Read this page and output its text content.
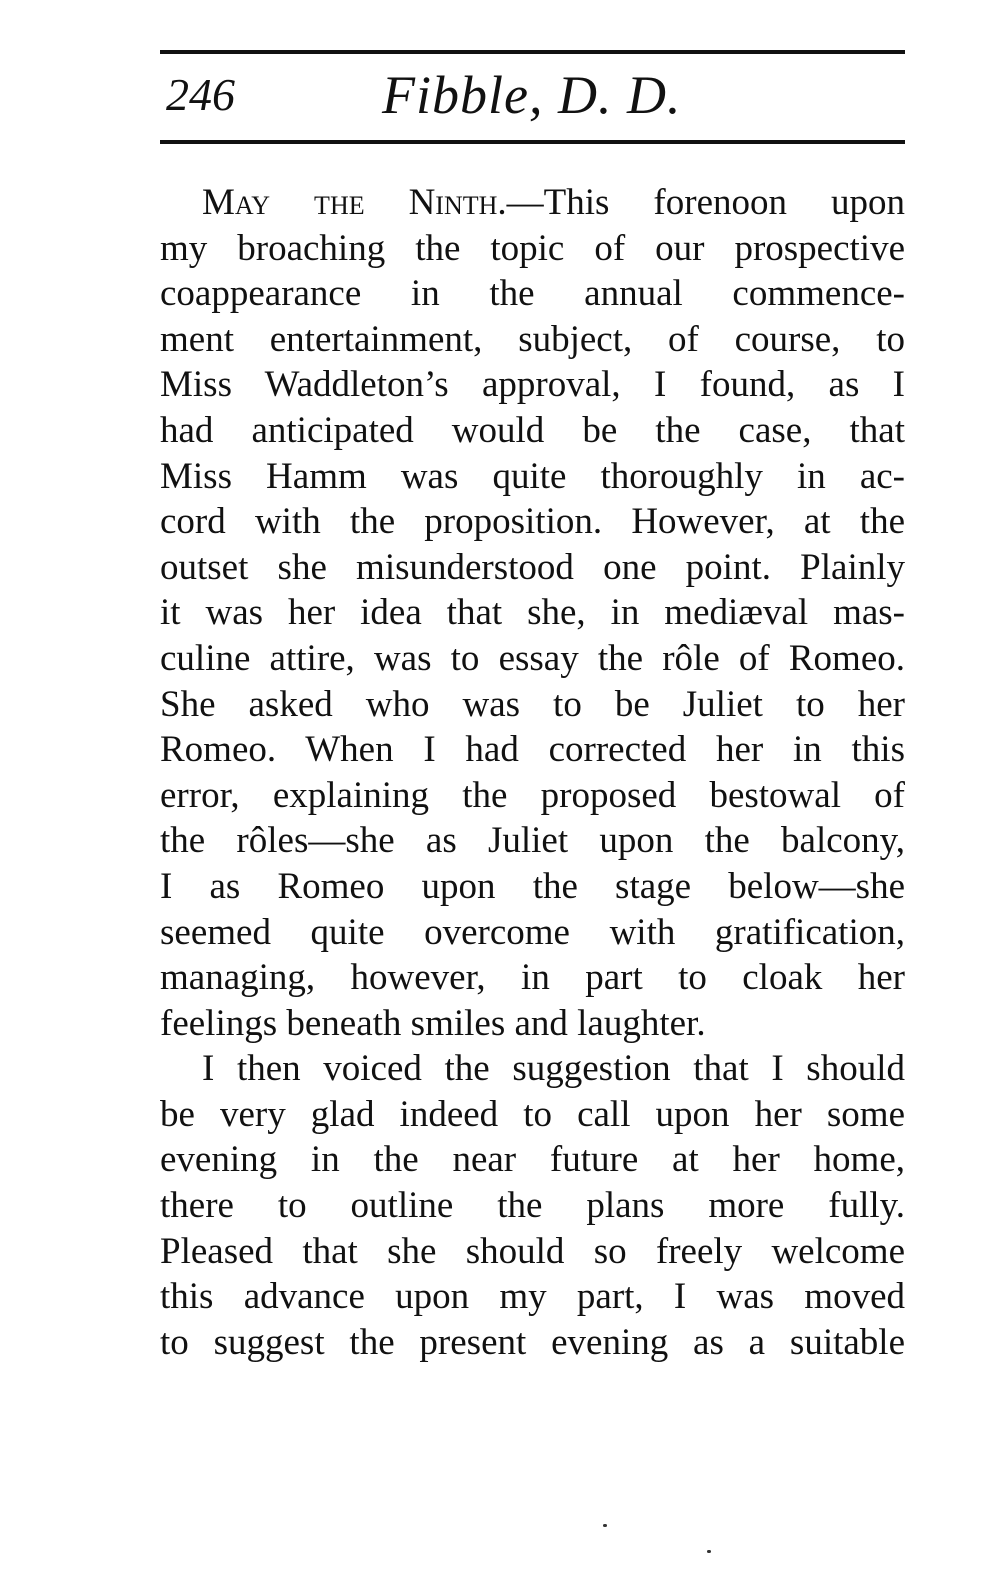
246	Fibble, D. D.
May the Ninth.—This forenoon upon
my broaching the topic of our prospective
coappearance in the annual commence-
ment entertainment, subject, of course, to
Miss Waddleton’s approval, I found, as I
had anticipated would be the case, that
Miss Hamm was quite thoroughly in ac-
cord with the proposition. However, at the
outset she misunderstood one point. Plainly
it was her idea that she, in mediæval mas-
culine attire, was to essay the rôle of Romeo.
She asked who was to be Juliet to her
Romeo. When I had corrected her in this
error, explaining the proposed bestowal of
the rôles—she as Juliet upon the balcony,
I as Romeo upon the stage below—she
seemed quite overcome with gratification,
managing, however, in part to cloak her
feelings beneath smiles and laughter.
I then voiced the suggestion that I should
be very glad indeed to call upon her some
evening in the near future at her home,
there to outline the plans more fully.
Pleased that she should so freely welcome
this advance upon my part, I was moved
to suggest the present evening as a suitable
